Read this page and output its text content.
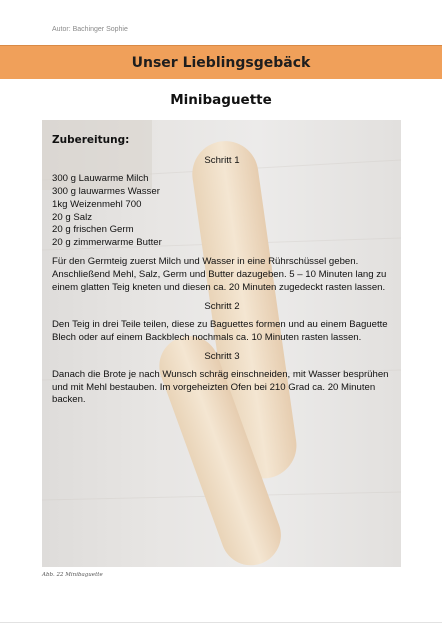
Autor: Bachinger Sophie
Unser Lieblingsgebäck
Minibaguette
Zubereitung:
Schritt 1
300 g Lauwarme Milch
300 g lauwarmes Wasser
1kg Weizenmehl 700
20 g Salz
20 g frischen Germ
20 g zimmerwarme Butter

Für den Germteig zuerst Milch und Wasser in eine Rührschüssel geben. Anschließend Mehl, Salz, Germ und Butter dazugeben. 5 – 10 Minuten lang zu einem glatten Teig kneten und diesen ca. 20 Minuten zugedeckt rasten lassen.

Schritt 2

Den Teig in drei Teile teilen, diese zu Baguettes formen und au einem Baguette Blech oder auf einem Backblech nochmals ca. 10 Minuten rasten lassen.

Schritt 3

Danach die Brote je nach Wunsch schräg einschneiden, mit Wasser besprühen und mit Mehl bestauben. Im vorgeheizten Ofen bei 210 Grad ca. 20 Minuten backen.

Abb. 22 Minibaguette
